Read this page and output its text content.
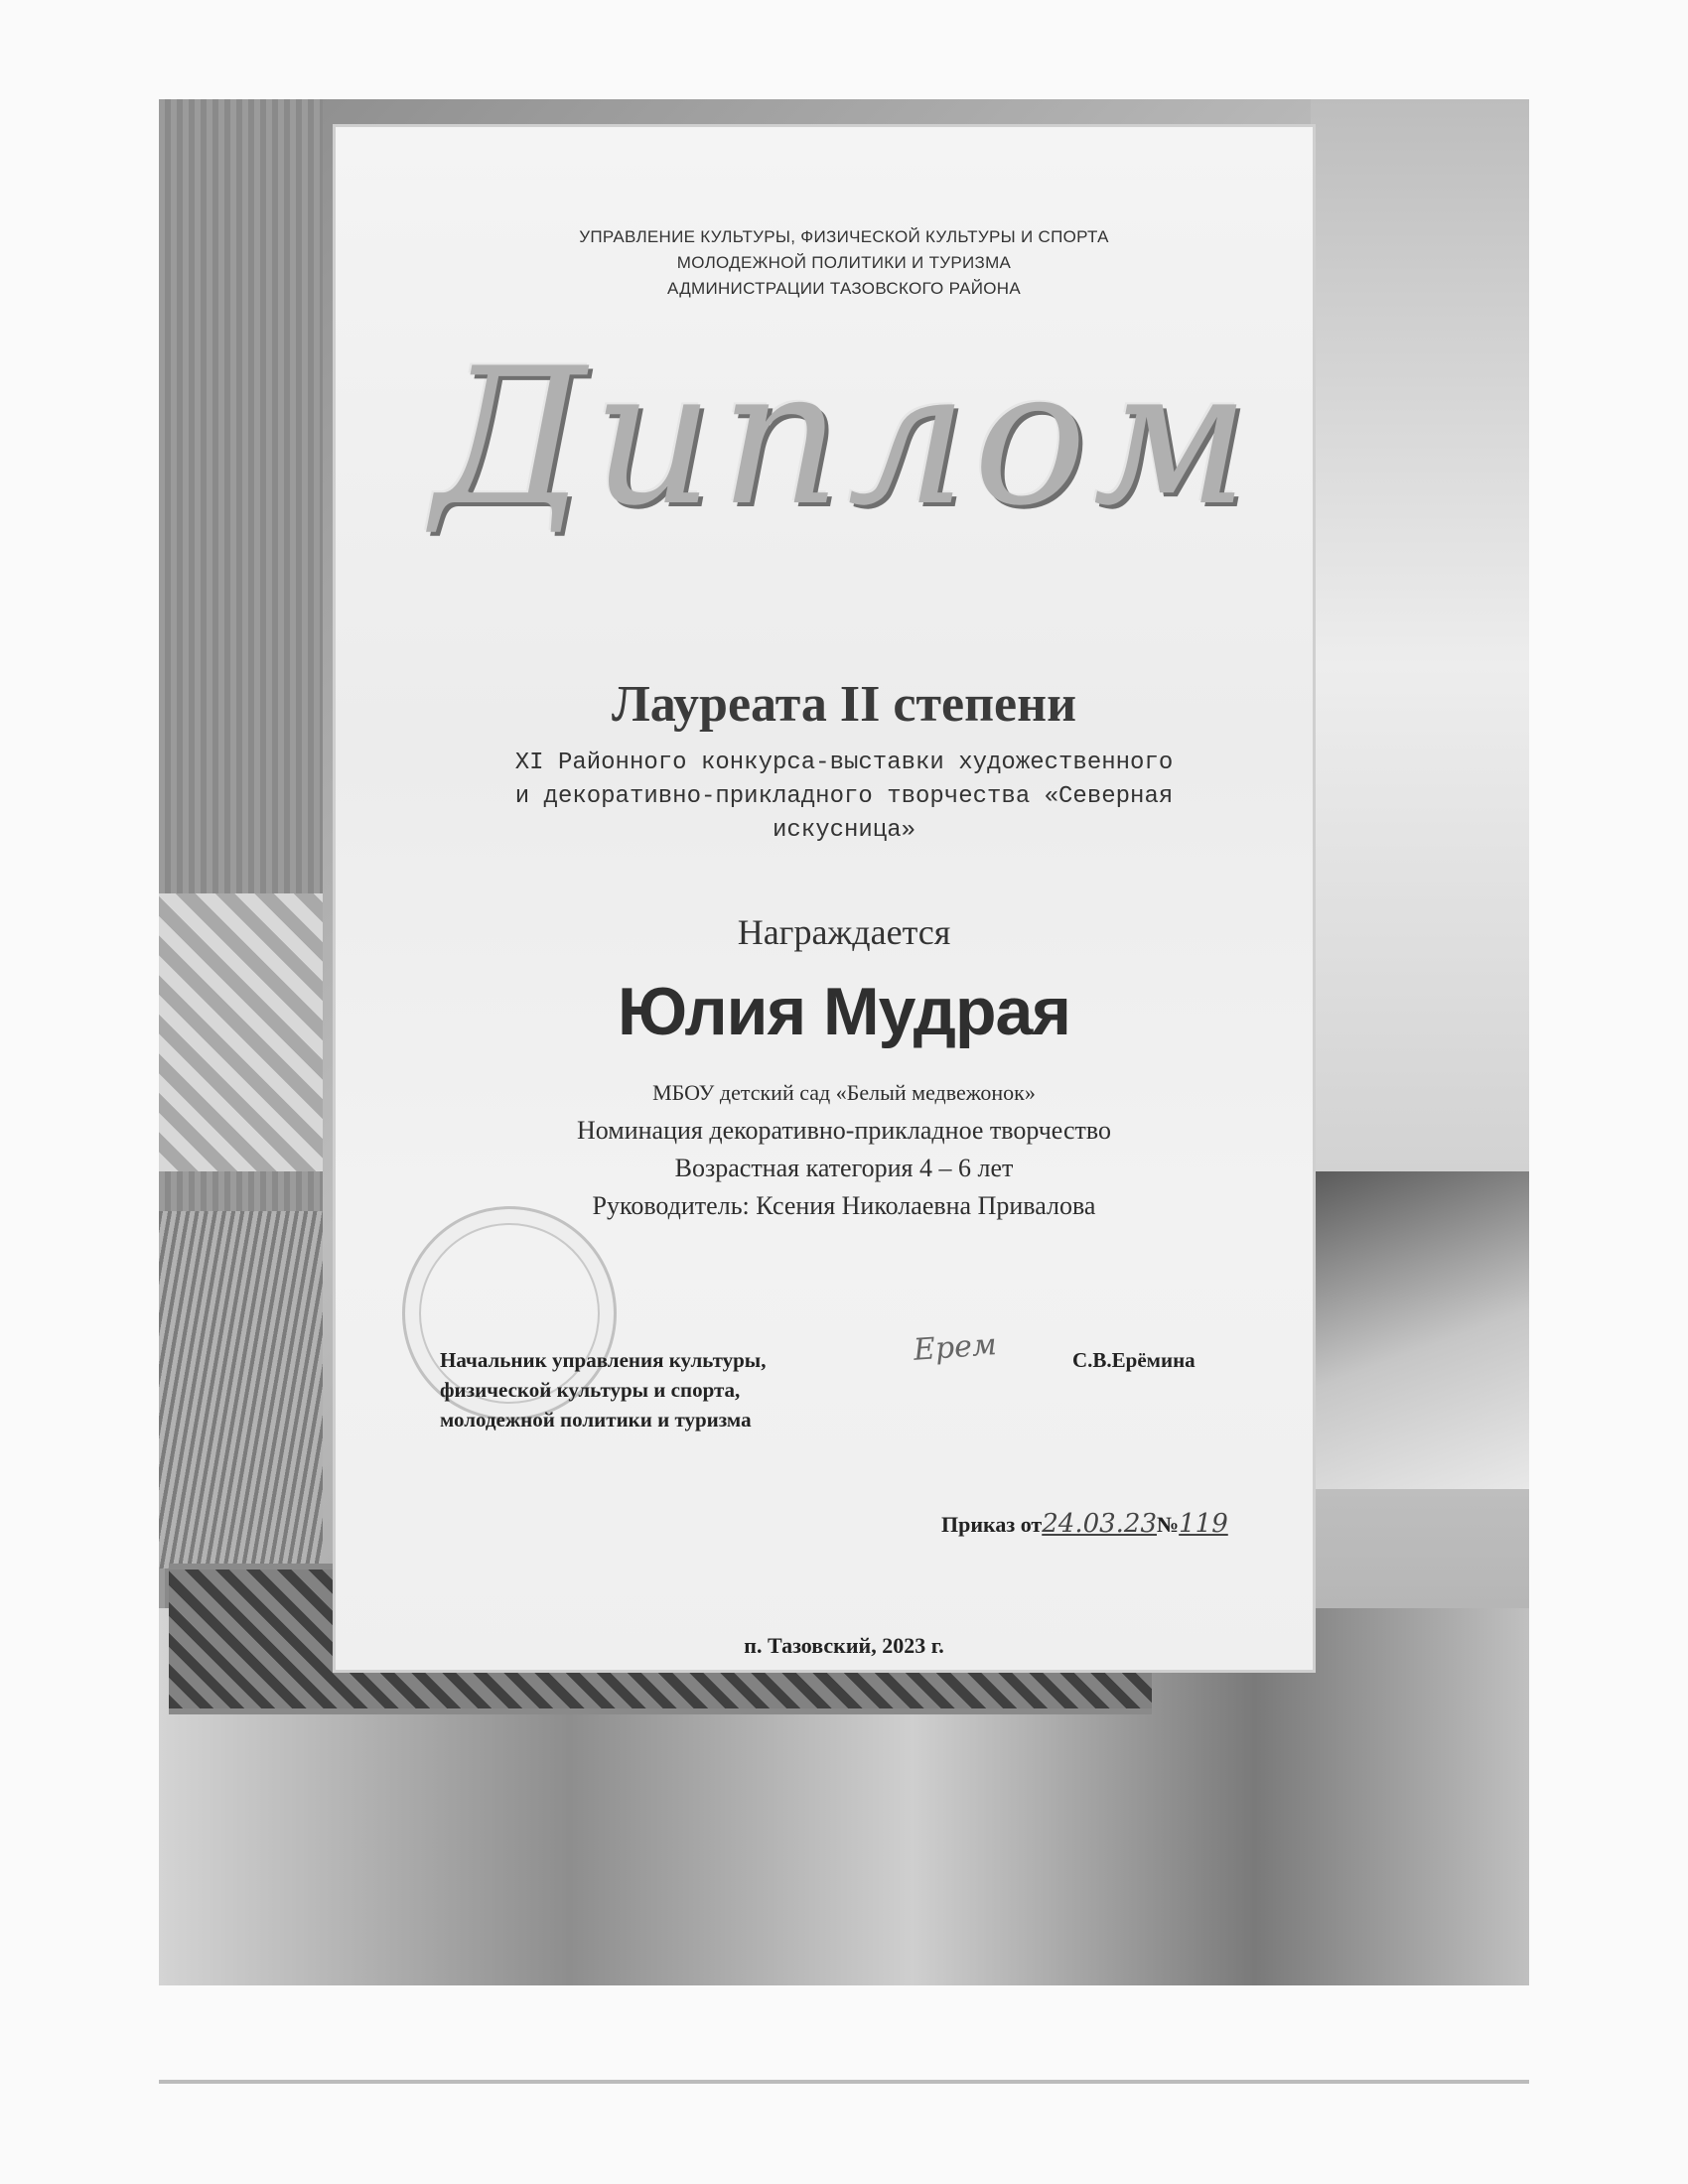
УПРАВЛЕНИЕ КУЛЬТУРЫ, ФИЗИЧЕСКОЙ КУЛЬТУРЫ И СПОРТА
МОЛОДЕЖНОЙ ПОЛИТИКИ И ТУРИЗМА
АДМИНИСТРАЦИИ ТАЗОВСКОГО РАЙОНА
Диплом
Лауреата II степени
XI Районного конкурса-выставки художественного
и декоративно-прикладного творчества «Северная
искусница»
Награждается
Юлия Мудрая
МБОУ детский сад «Белый медвежонок»
Номинация декоративно-прикладное творчество
Возрастная категория 4 – 6 лет
Руководитель: Ксения Николаевна Привалова
Начальник управления культуры,
физической культуры и спорта,
молодежной политики и туризма
Ерем	С.В.Ерёмина
Приказ от24.03.23№119
п. Тазовский, 2023 г.
